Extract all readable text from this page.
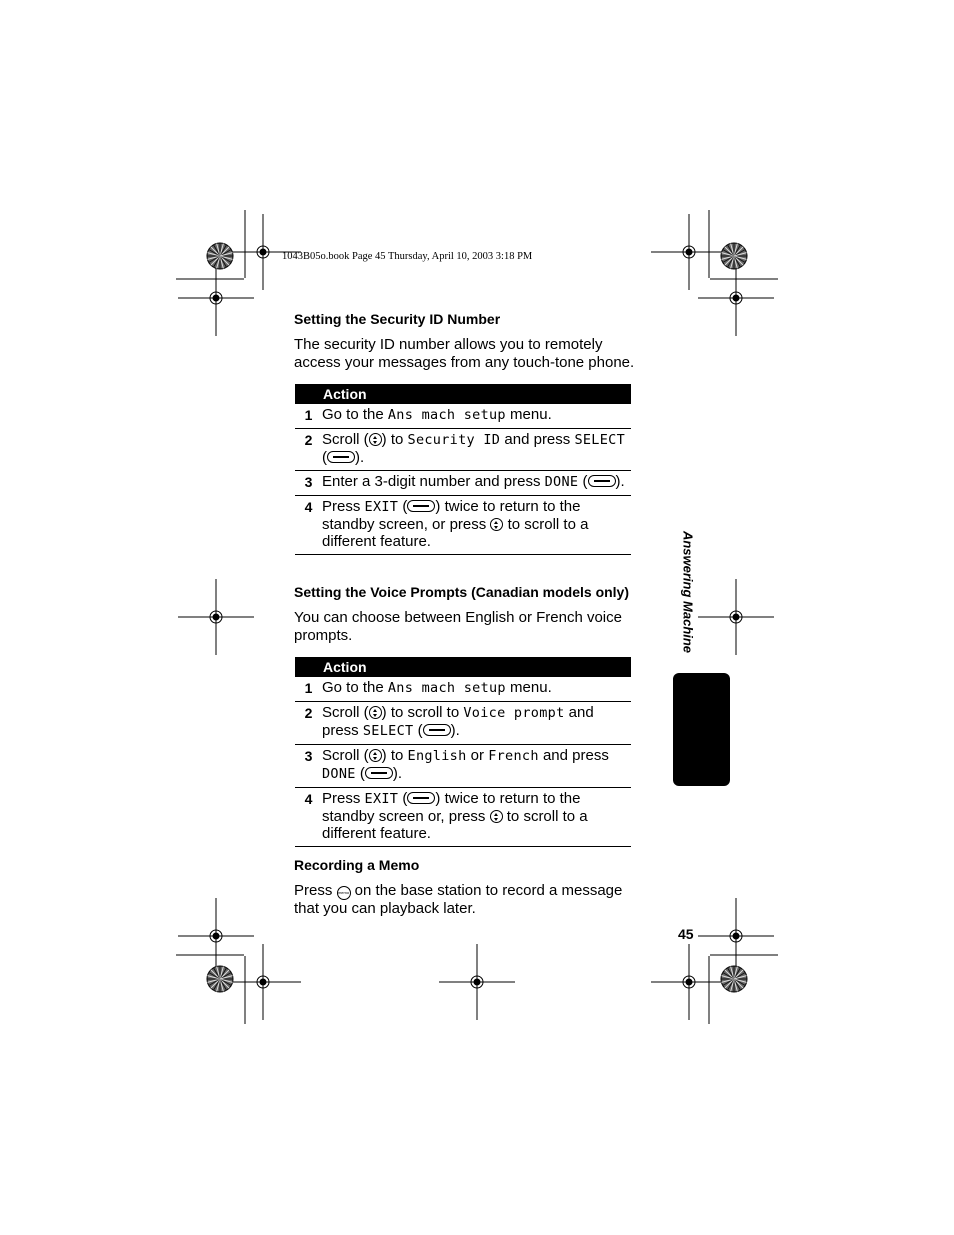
1043B05o.book Page 45 Thursday, April 10, 2003 3:18 PM
Answering Machine
45
Setting the Security ID Number
The security ID number allows you to remotely access your messages from any touch-tone phone.
Action	
1	Go to the Ans mach setup menu.
2	Scroll ( ) to Security ID and press SELECT ( ).
3	Enter a 3-digit number and press DONE ( ).
4	Press EXIT ( ) twice to return to the standby screen, or press  to scroll to a different feature.
Setting the Voice Prompts (Canadian models only)
You can choose between English or French voice prompts.
Action	
1	Go to the Ans mach setup menu.
2	Scroll ( ) to scroll to Voice prompt and press SELECT ( ).
3	Scroll ( ) to English or French and press DONE ( ).
4	Press EXIT ( ) twice to return to the standby screen or, press  to scroll to a different feature.
Recording a Memo
Press memo on the base station to record a message that you can playback later.
